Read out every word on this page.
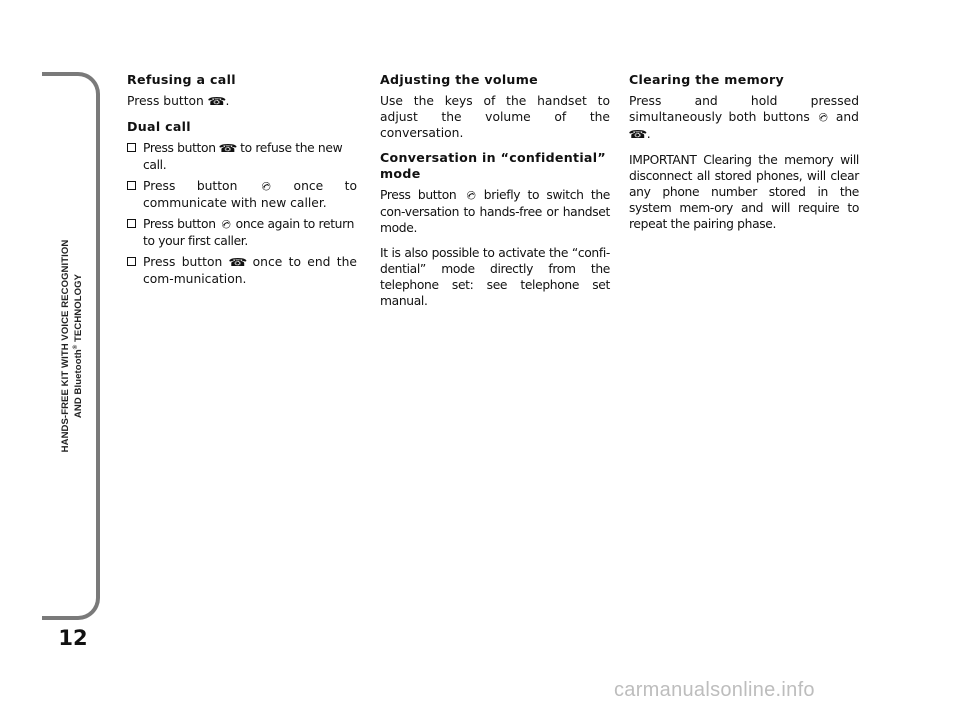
HANDS-FREE KIT WITH VOICE RECOGNITION AND Bluetooth® TECHNOLOGY
12
Refusing a call

Press button ☎.

Dual call
Press button ☎ to refuse the new call.
Press button ✆ once to communicate with new caller.
Press button ✆ once again to return to your first caller.
Press button ☎ once to end the com-munication.
Adjusting the volume

Use the keys of the handset to adjust the volume of the conversation.

Conversation in “confidential” mode

Press button ✆ briefly to switch the con-versation to hands-free or handset mode.

It is also possible to activate the “confi-dential” mode directly from the telephone set: see telephone set manual.

Clearing the memory

Press and hold pressed simultaneously both buttons ✆ and ☎.

IMPORTANT Clearing the memory will disconnect all stored phones, will clear any phone number stored in the system mem-ory and will require to repeat the pairing phase.

carmanualsonline.info
